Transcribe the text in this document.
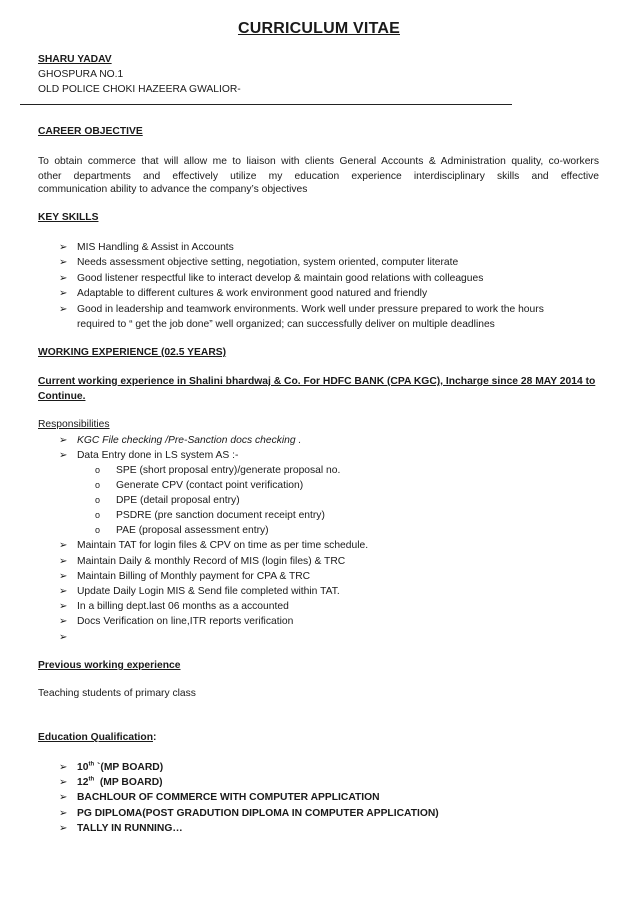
CURRICULUM VITAE
SHARU YADAV
GHOSPURA NO.1
OLD POLICE CHOKI HAZEERA GWALIOR-
CAREER OBJECTIVE
To obtain commerce that will allow me to liaison with clients General Accounts & Administration quality, co-workers
other departments and effectively utilize my education experience interdisciplinary skills and effective
communication ability to advance the company’s objectives
KEY SKILLS
➢ MIS Handling & Assist in Accounts
➢ Needs assessment objective setting, negotiation, system oriented, computer literate
➢ Good listener respectful like to interact develop & maintain good relations with colleagues
➢ Adaptable to different cultures & work environment good natured and friendly
➢ Good in leadership and teamwork environments. Work well under pressure prepared to work the hours
required to “ get the job done” well organized; can successfully deliver on multiple deadlines
WORKING EXPERIENCE (02.5 YEARS)
Current working experience in Shalini bhardwaj & Co. For HDFC BANK (CPA KGC), Incharge since 28 MAY 2014 to
Continue.
Responsibilities
➢ KGC File checking /Pre-Sanction docs checking .
➢ Data Entry done in LS system AS :-
o SPE (short proposal entry)/generate proposal no.
o Generate CPV (contact point verification)
o DPE (detail proposal entry)
o PSDRE (pre sanction document receipt entry)
o PAE (proposal assessment entry)
➢ Maintain TAT for login files & CPV on time as per time schedule.
➢ Maintain Daily & monthly Record of MIS (login files) & TRC
➢ Maintain Billing of Monthly payment for CPA & TRC
➢ Update Daily Login MIS & Send file completed within TAT.
➢ In a billing dept.last 06 months as a accounted
➢ Docs Verification on line,ITR reports verification
➢
Previous working experience
Teaching students of primary class
Education Qualification:
➢ 10th `(MP BOARD)
➢ 12th  (MP BOARD)
➢ BACHLOUR OF COMMERCE WITH COMPUTER APPLICATION
➢ PG DIPLOMA(POST GRADUTION DIPLOMA IN COMPUTER APPLICATION)
➢ TALLY IN RUNNING…
